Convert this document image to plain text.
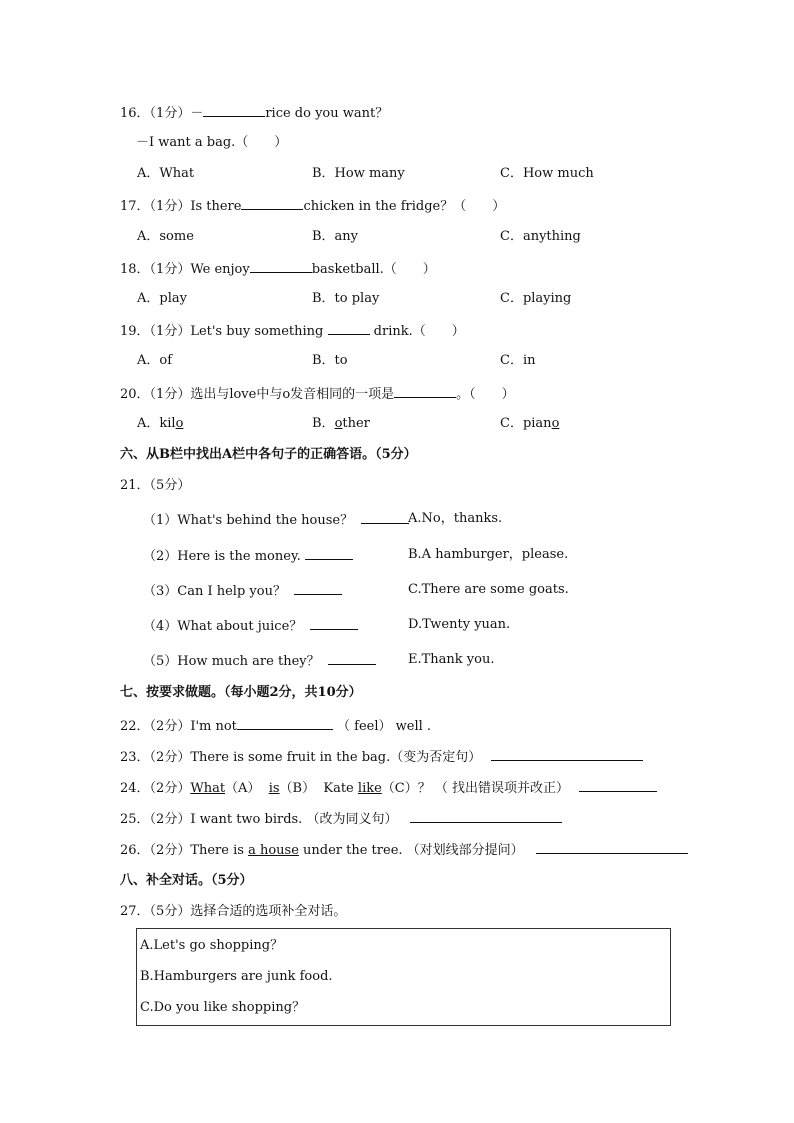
16．（1分）－	rice do you want？
－I want a bag.（　　）
A．What	B．How many	C．How much
17．（1分）Is there	chicken in the fridge？（　　）
A．some	B．any	C．anything
18．（1分）We enjoy	basketball.（　　）
A．play	B．to play	C．playing
19．（1分）Let's buy something	drink.（　　）
A．of	B．to	C．in
20．（1分）选出与love中与o发音相同的一项是	。（　　）
A．kilo	B．other	C．piano
六、从B栏中找出A栏中各句子的正确答语。（5分）
21．（5分）
（1）What's behind the house？	A.No，thanks.
（2）Here is the money.	B.A hamburger，please.
（3）Can I help you？	C.There are some goats.
（4）What about juice？	D.Twenty yuan.
（5）How much are they？	E.Thank you.
七、按要求做题。（每小题2分，共10分）
22．（2分）I'm not	（ feel） well .
23．（2分）There is some fruit in the bag.（变为否定句）
24．（2分）What（A） is（B） Kate like（C）？ （ 找出错误项并改正）
25．（2分）I want two birds. （改为同义句）
26．（2分）There is a house under the tree. （对划线部分提问）
八、补全对话。（5分）
27．（5分）选择合适的选项补全对话。
A.Let's go shopping？
B.Hamburgers are junk food.
C.Do you like shopping？
